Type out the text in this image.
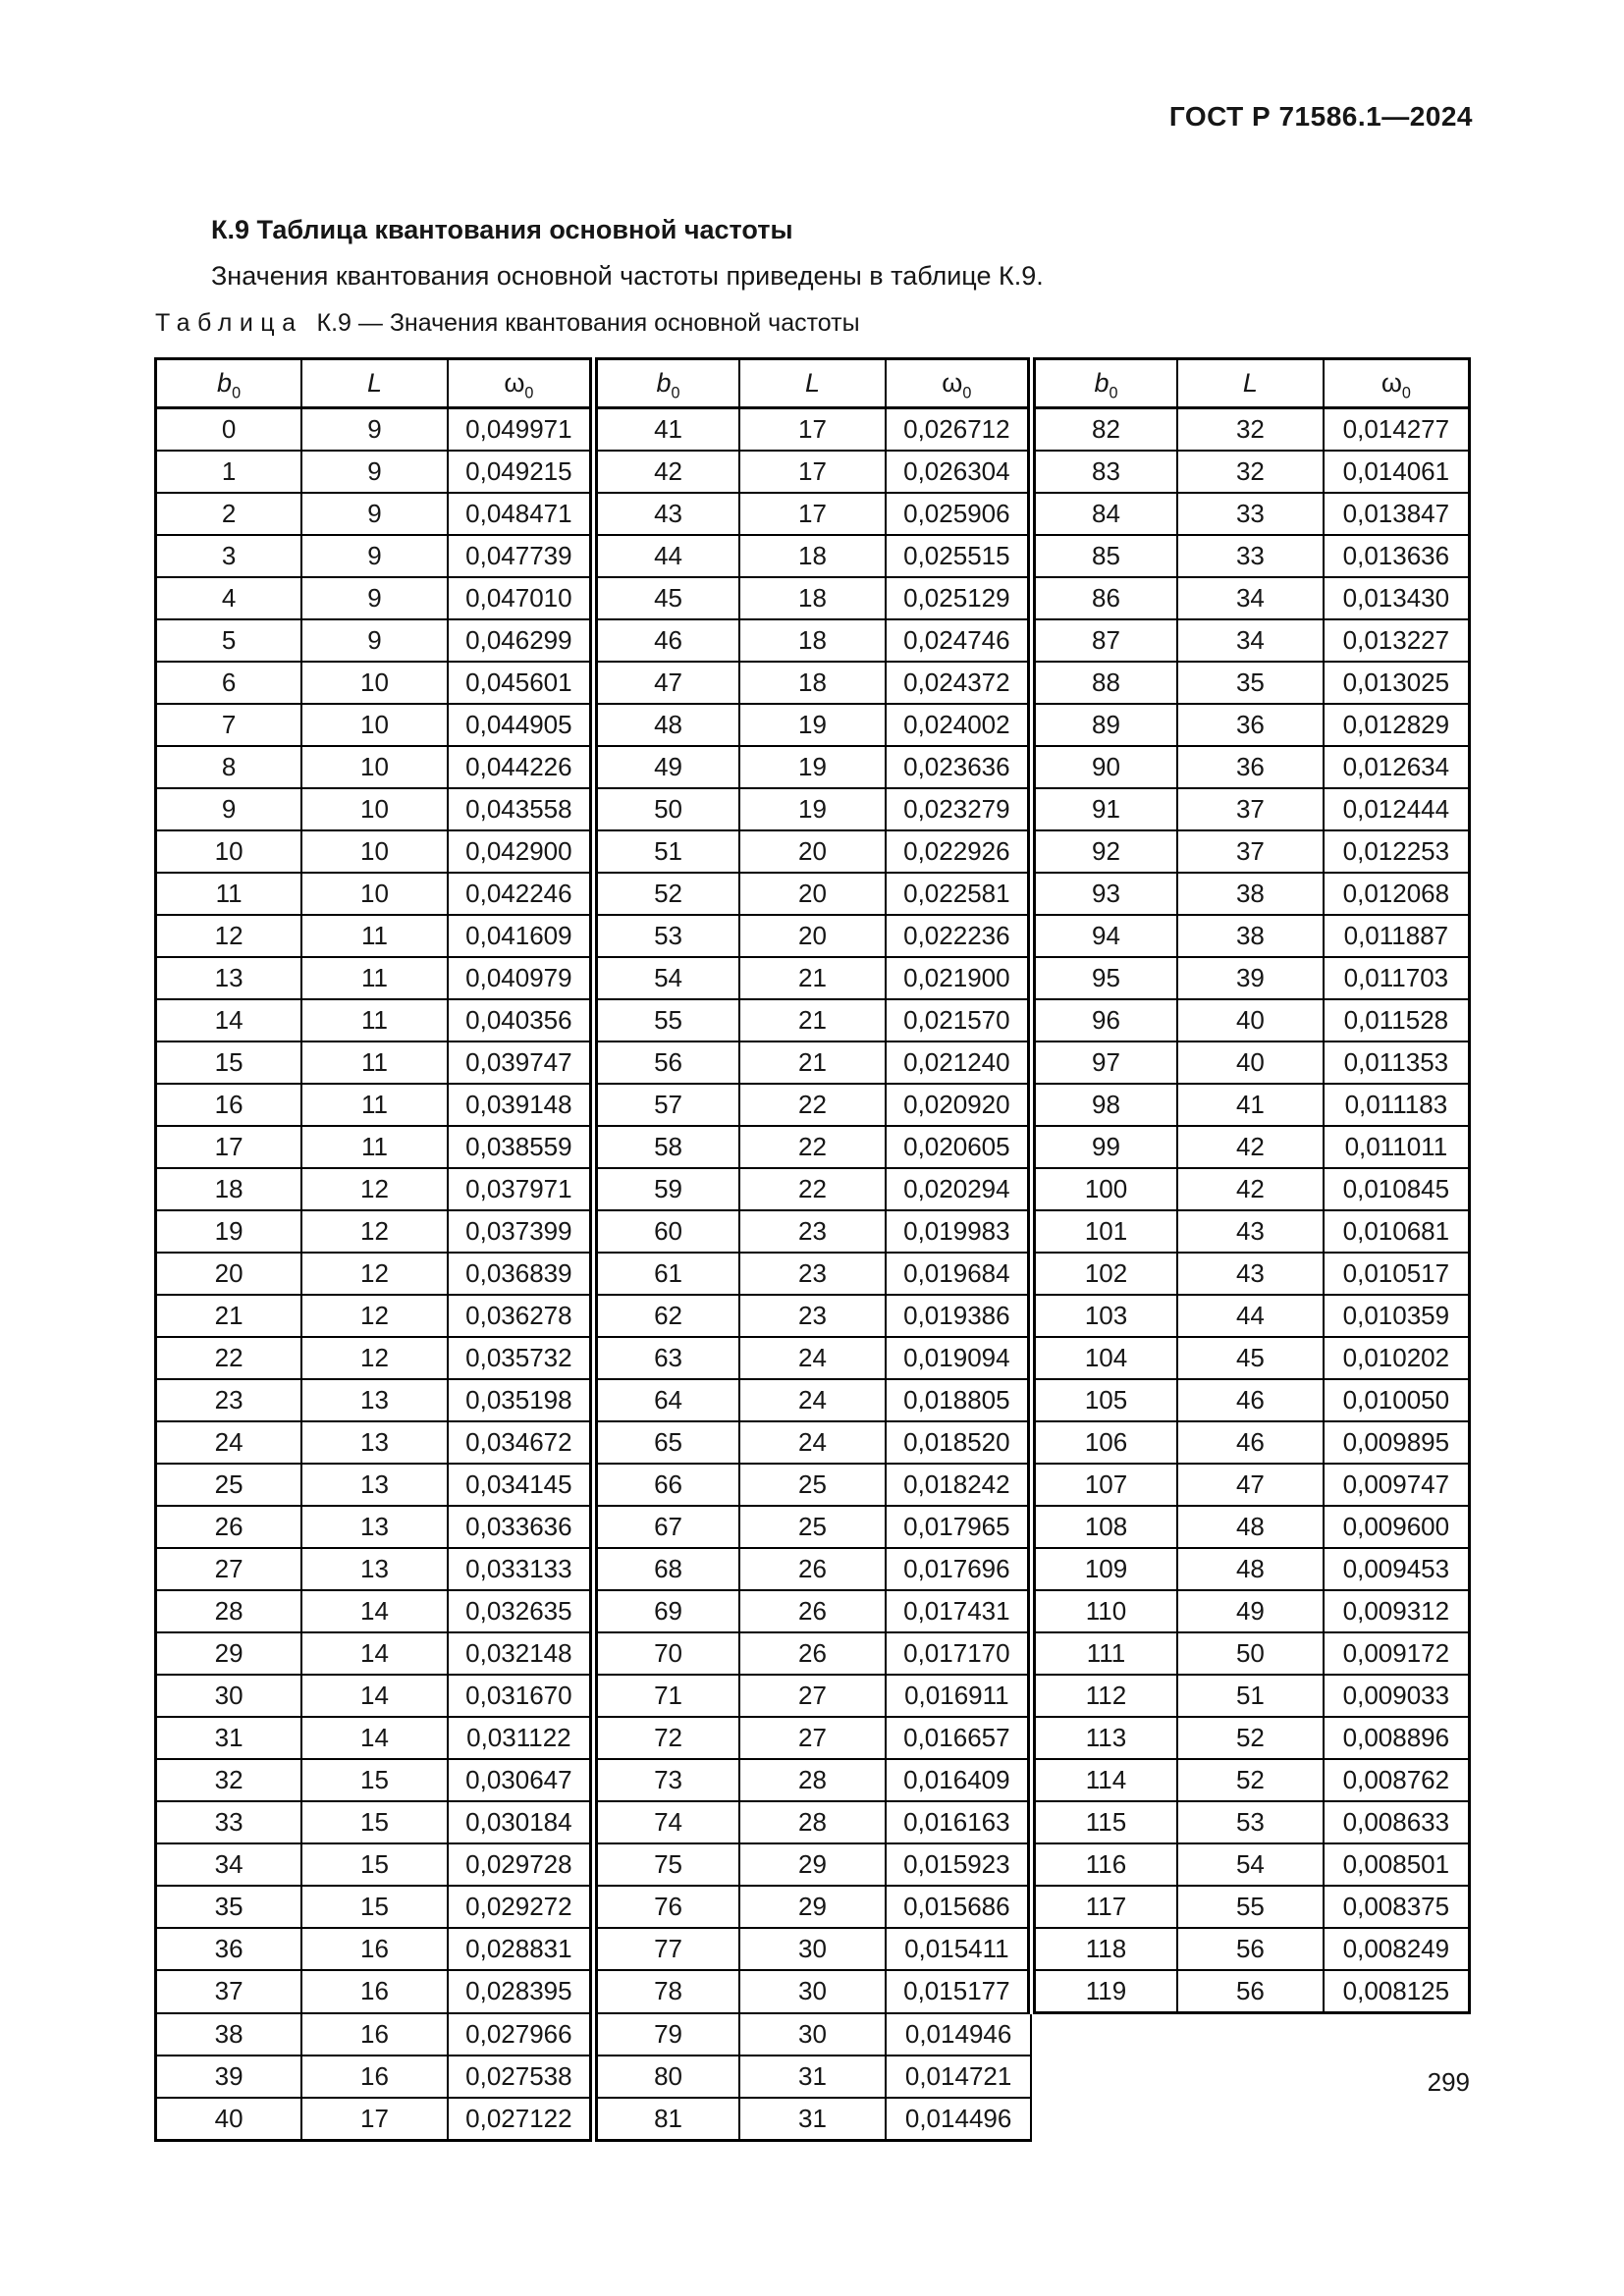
ГОСТ Р 71586.1—2024
К.9 Таблица квантования основной частоты
Значения квантования основной частоты приведены в таблице К.9.
Таблица К.9 — Значения квантования основной частоты
$b_0$	L	$\omega_0$	$b_0$	L	$\omega_0$	$b_0$	L	$\omega_0$
0	9	0,049971	41	17	0,026712	82	32	0,014277
1	9	0,049215	42	17	0,026304	83	32	0,014061
2	9	0,048471	43	17	0,025906	84	33	0,013847
3	9	0,047739	44	18	0,025515	85	33	0,013636
4	9	0,047010	45	18	0,025129	86	34	0,013430
5	9	0,046299	46	18	0,024746	87	34	0,013227
6	10	0,045601	47	18	0,024372	88	35	0,013025
7	10	0,044905	48	19	0,024002	89	36	0,012829
8	10	0,044226	49	19	0,023636	90	36	0,012634
9	10	0,043558	50	19	0,023279	91	37	0,012444
10	10	0,042900	51	20	0,022926	92	37	0,012253
11	10	0,042246	52	20	0,022581	93	38	0,012068
12	11	0,041609	53	20	0,022236	94	38	0,011887
13	11	0,040979	54	21	0,021900	95	39	0,011703
14	11	0,040356	55	21	0,021570	96	40	0,011528
15	11	0,039747	56	21	0,021240	97	40	0,011353
16	11	0,039148	57	22	0,020920	98	41	0,011183
17	11	0,038559	58	22	0,020605	99	42	0,011011
18	12	0,037971	59	22	0,020294	100	42	0,010845
19	12	0,037399	60	23	0,019983	101	43	0,010681
20	12	0,036839	61	23	0,019684	102	43	0,010517
21	12	0,036278	62	23	0,019386	103	44	0,010359
22	12	0,035732	63	24	0,019094	104	45	0,010202
23	13	0,035198	64	24	0,018805	105	46	0,010050
24	13	0,034672	65	24	0,018520	106	46	0,009895
25	13	0,034145	66	25	0,018242	107	47	0,009747
26	13	0,033636	67	25	0,017965	108	48	0,009600
27	13	0,033133	68	26	0,017696	109	48	0,009453
28	14	0,032635	69	26	0,017431	110	49	0,009312
29	14	0,032148	70	26	0,017170	111	50	0,009172
30	14	0,031670	71	27	0,016911	112	51	0,009033
31	14	0,031122	72	27	0,016657	113	52	0,008896
32	15	0,030647	73	28	0,016409	114	52	0,008762
33	15	0,030184	74	28	0,016163	115	53	0,008633
34	15	0,029728	75	29	0,015923	116	54	0,008501
35	15	0,029272	76	29	0,015686	117	55	0,008375
36	16	0,028831	77	30	0,015411	118	56	0,008249
37	16	0,028395	78	30	0,015177	119	56	0,008125
38	16	0,027966	79	30	0,014946			
39	16	0,027538	80	31	0,014721			
40	17	0,027122	81	31	0,014496			
299
